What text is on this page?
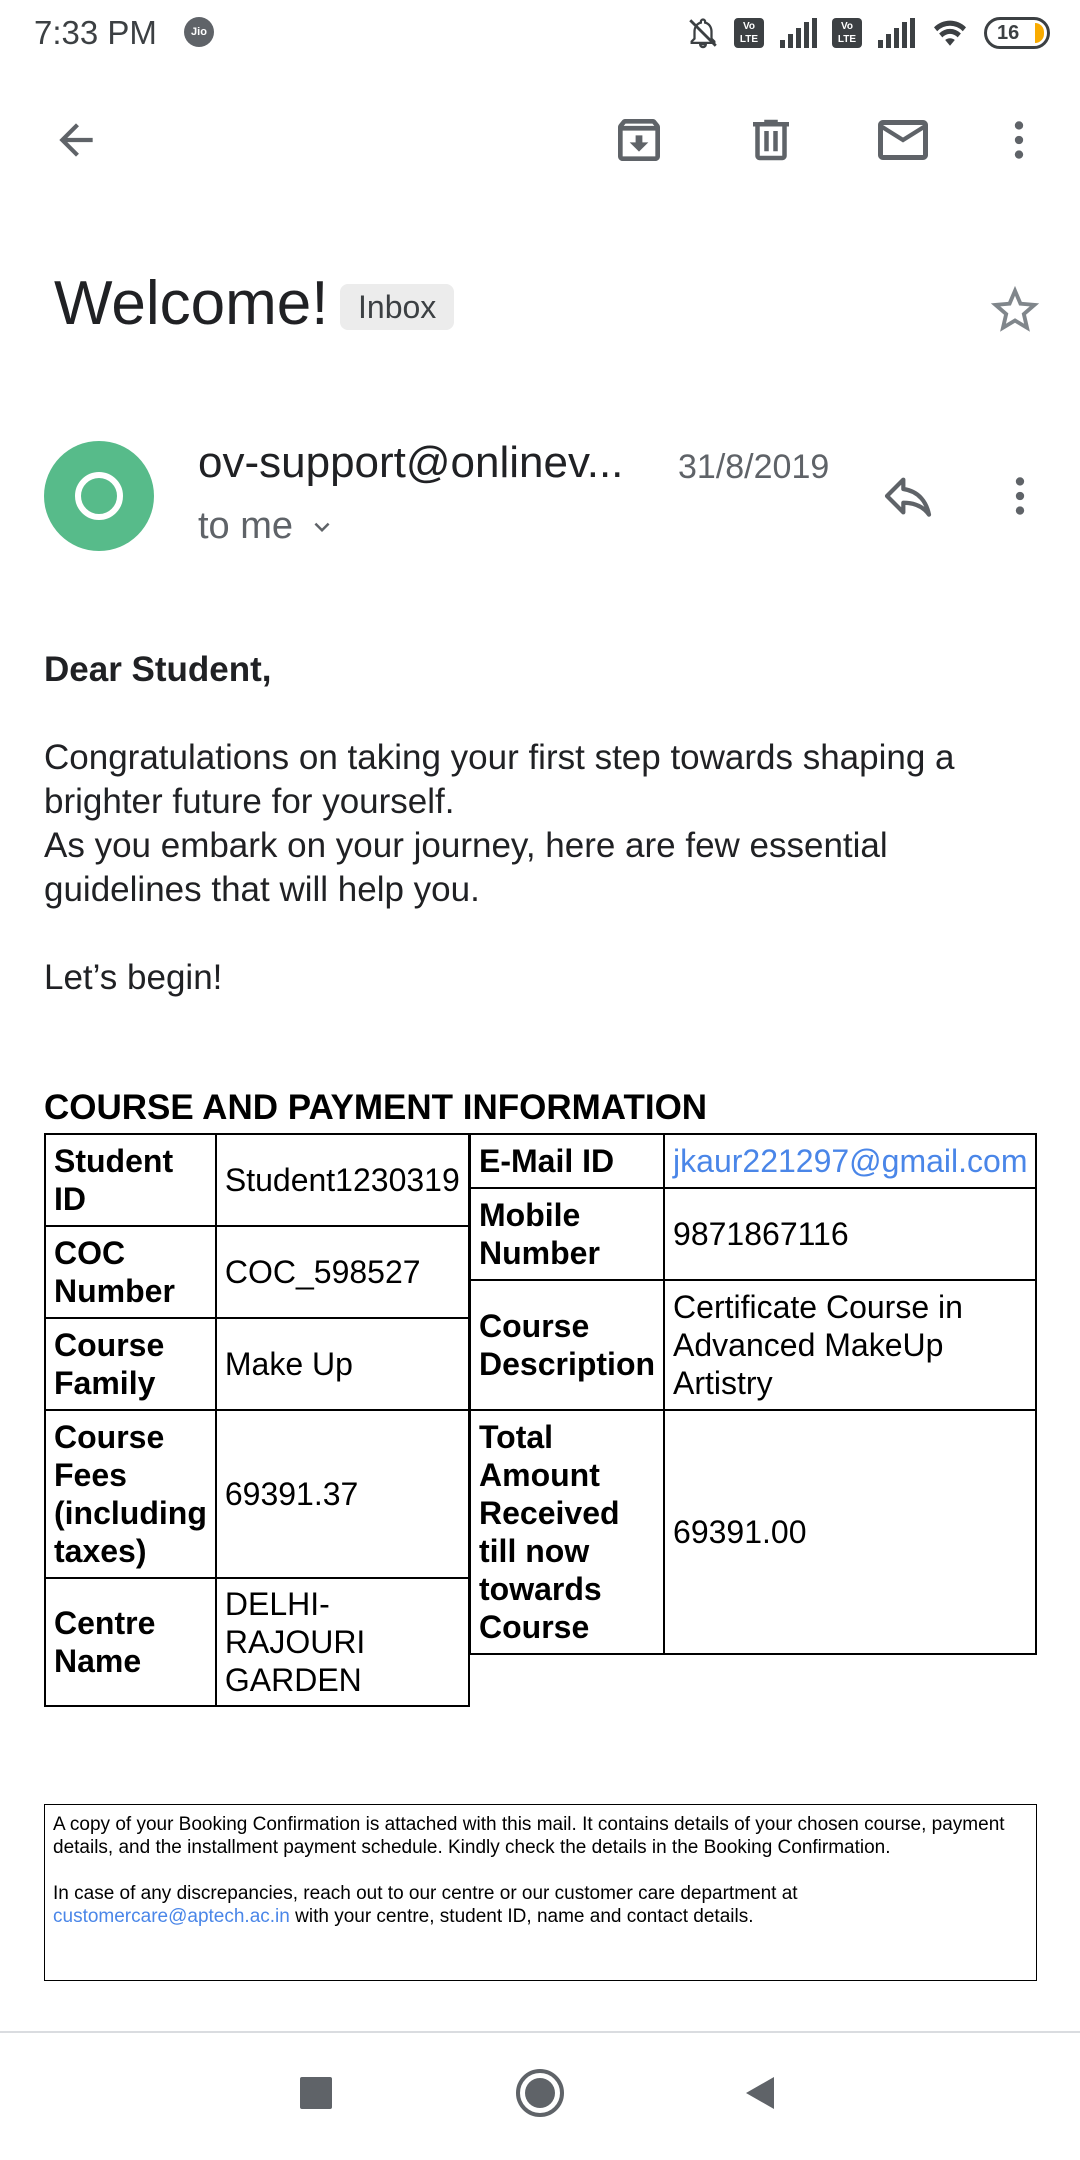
7:33 PM	Jio	Vo LTE
Vo LTE	16
Welcome! Inbox
ov-support@onlinev... 31/8/2019
to me
Dear Student,
Congratulations on taking your first step towards shaping a brighter future for yourself.
As you embark on your journey, here are few essential guidelines that will help you.
Let’s begin!
COURSE AND PAYMENT INFORMATION
Student ID	Student1230319
COC Number	COC_598527
Course Family	Make Up
Course Fees (including taxes)	69391.37
Centre Name	DELHI-RAJOURI GARDEN
E-Mail ID	jkaur221297@gmail.com
Mobile Number	9871867116
Course Description	Certificate Course in Advanced MakeUp Artistry
Total Amount Received till now towards Course	69391.00

A copy of your Booking Confirmation is attached with this mail. It contains details of your chosen course, payment details, and the installment payment schedule. Kindly check the details in the Booking Confirmation.

In case of any discrepancies, reach out to our centre or our customer care department at
customercare@aptech.ac.in with your centre, student ID, name and contact details.
